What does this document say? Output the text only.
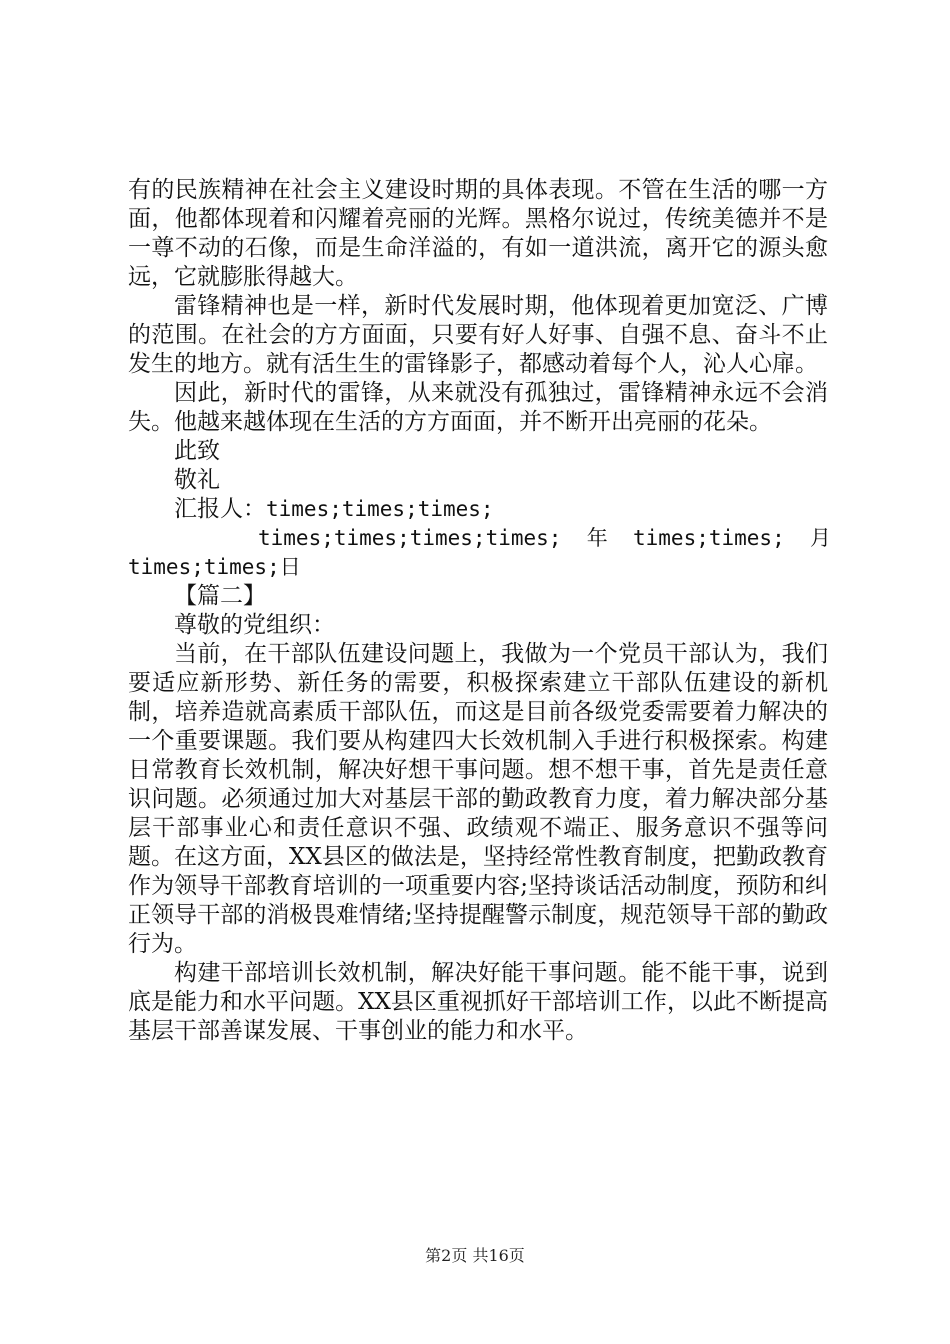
有的民族精神在社会主义建设时期的具体表现。不管在生活的哪一方面，他都体现着和闪耀着亮丽的光辉。黑格尔说过，传统美德并不是一尊不动的石像，而是生命洋溢的，有如一道洪流，离开它的源头愈远，它就膨胀得越大。

雷锋精神也是一样，新时代发展时期，他体现着更加宽泛、广博的范围。在社会的方方面面，只要有好人好事、自强不息、奋斗不止发生的地方。就有活生生的雷锋影子，都感动着每个人，沁人心扉。

因此，新时代的雷锋，从来就没有孤独过，雷锋精神永远不会消失。他越来越体现在生活的方方面面，并不断开出亮丽的花朵。

此致

敬礼

汇报人：times;times;times;

times;times;times;times;  年  times;times;  月

times;times;日

【篇二】

尊敬的党组织：

当前，在干部队伍建设问题上，我做为一个党员干部认为，我们要适应新形势、新任务的需要，积极探索建立干部队伍建设的新机制，培养造就高素质干部队伍，而这是目前各级党委需要着力解决的一个重要课题。我们要从构建四大长效机制入手进行积极探索。构建日常教育长效机制，解决好想干事问题。想不想干事，首先是责任意识问题。必须通过加大对基层干部的勤政教育力度，着力解决部分基层干部事业心和责任意识不强、政绩观不端正、服务意识不强等问题。在这方面，XX县区的做法是，坚持经常性教育制度，把勤政教育作为领导干部教育培训的一项重要内容;坚持谈话活动制度，预防和纠正领导干部的消极畏难情绪;坚持提醒警示制度，规范领导干部的勤政行为。

构建干部培训长效机制，解决好能干事问题。能不能干事，说到底是能力和水平问题。XX县区重视抓好干部培训工作，以此不断提高基层干部善谋发展、干事创业的能力和水平。

第2页 共16页
